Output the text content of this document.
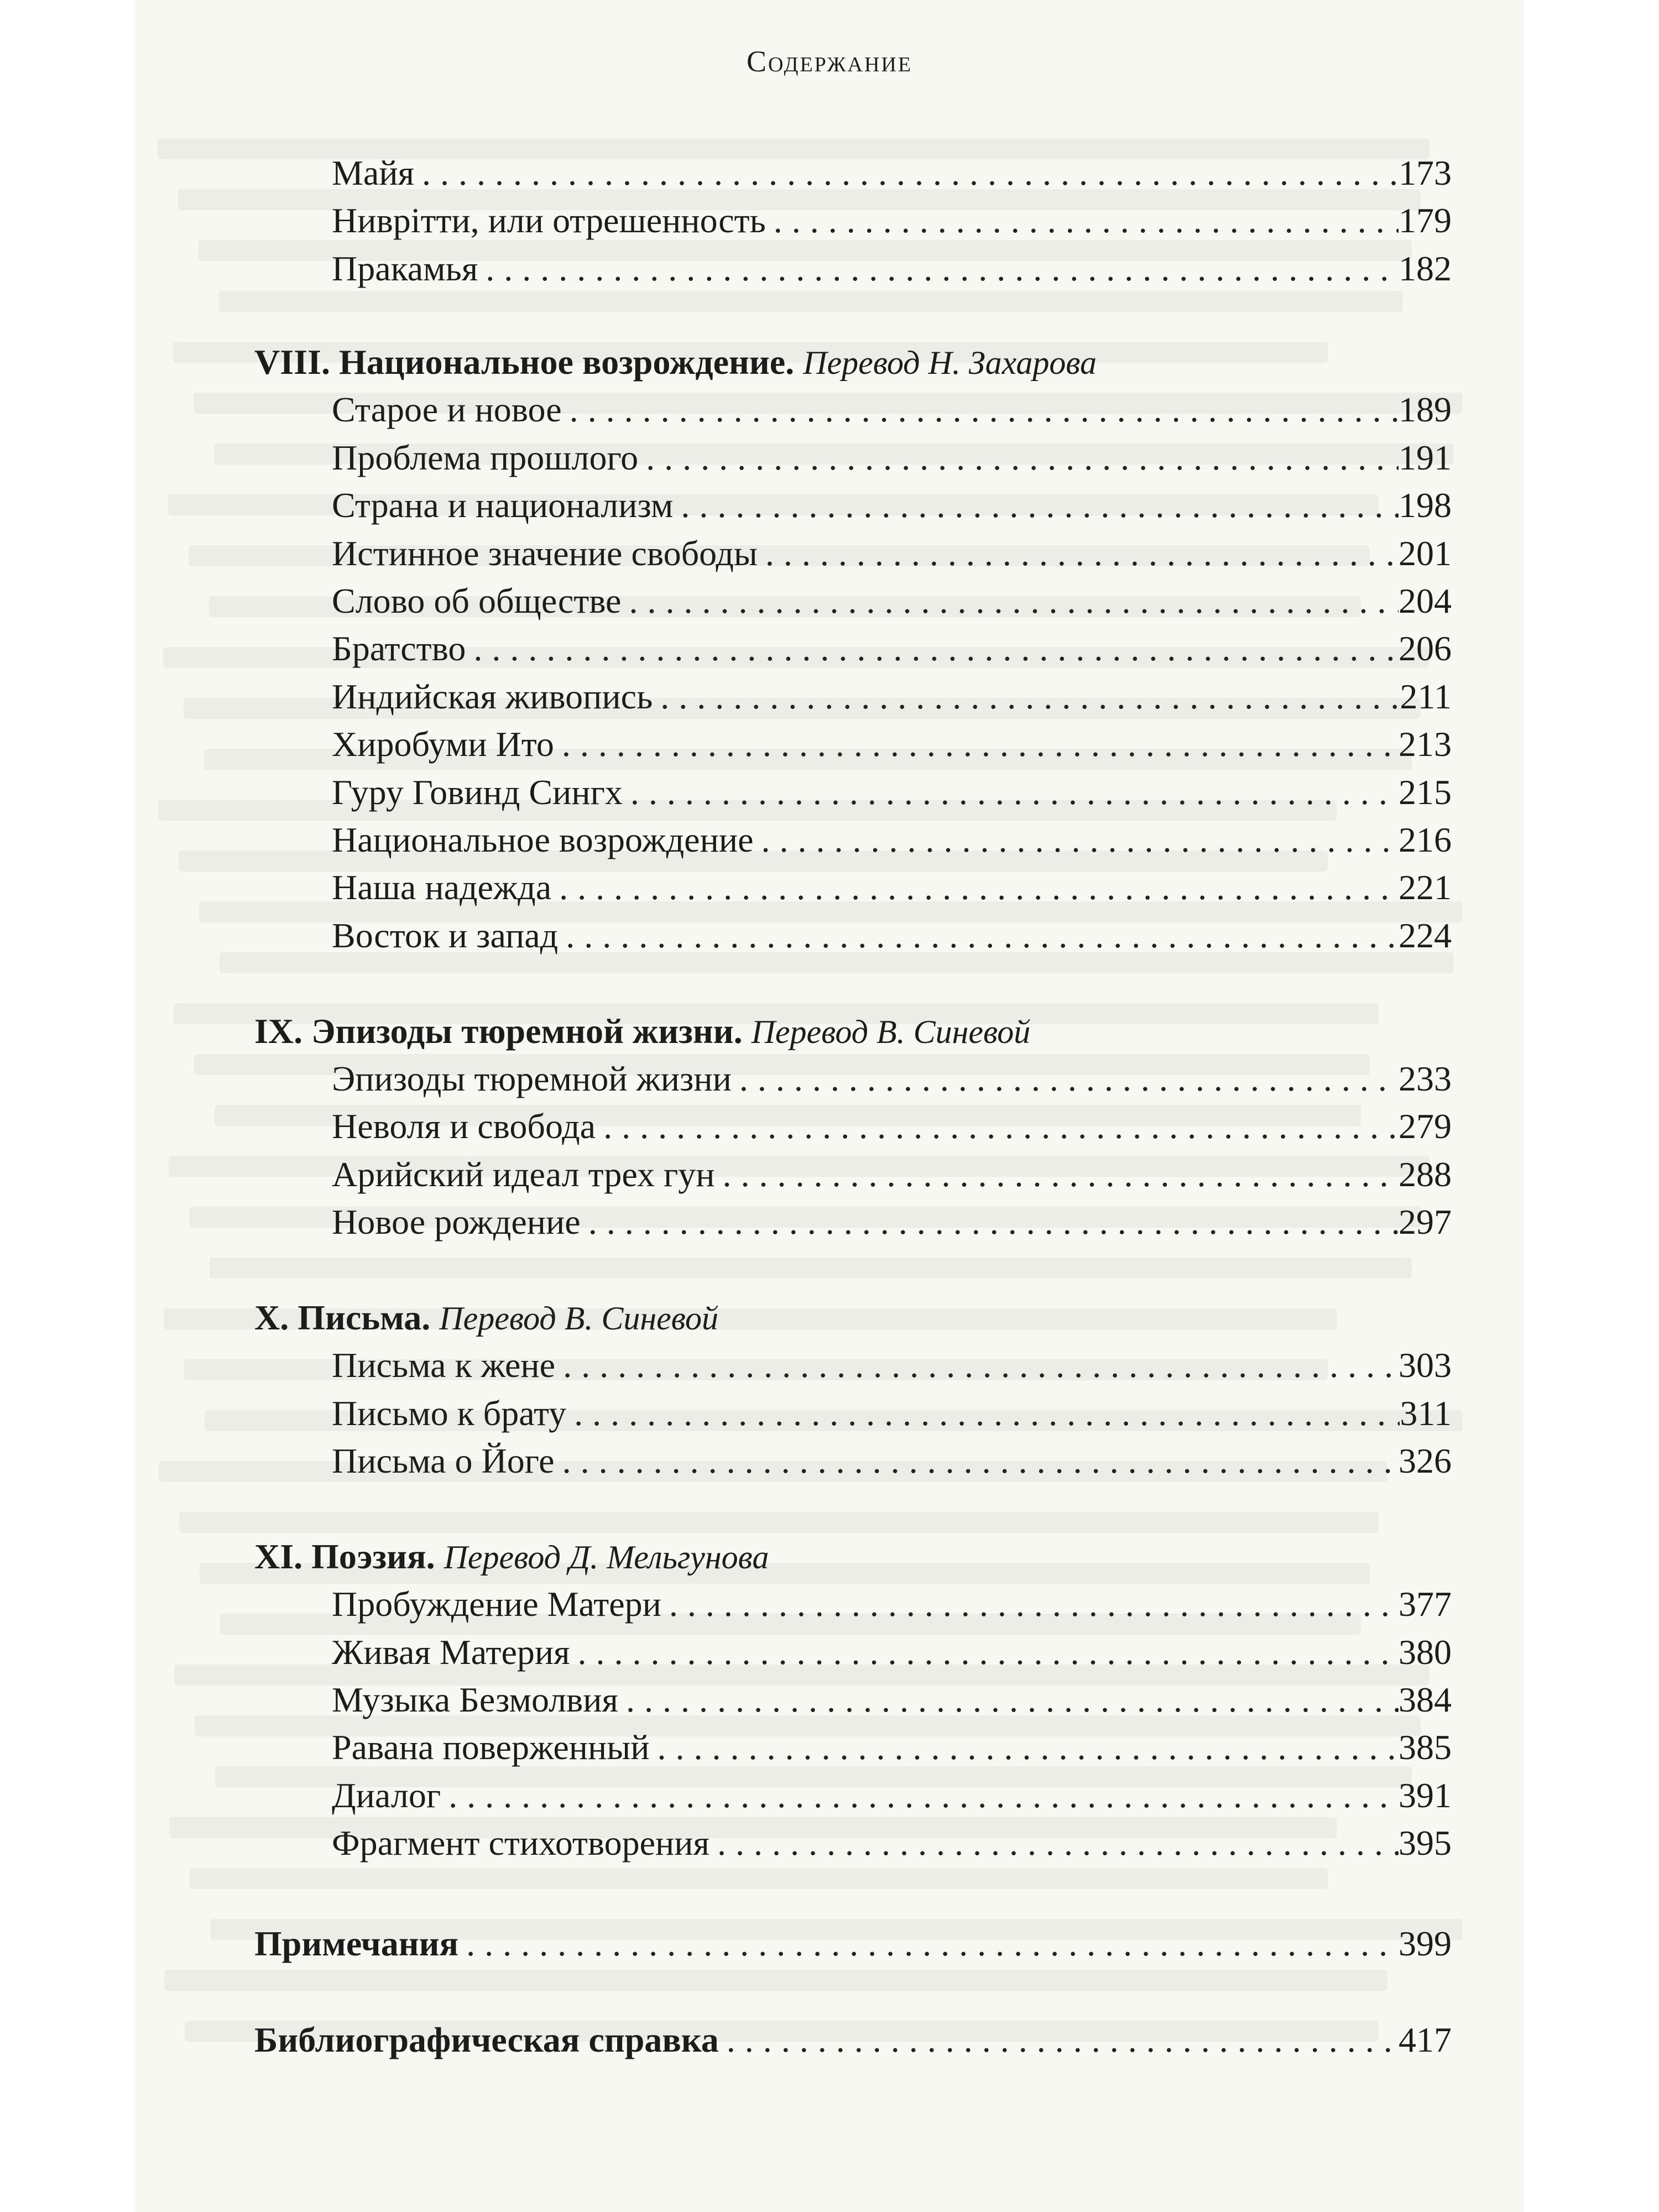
Содержание
Майя .....	173
Ниврітти, или отрешенность .....	179
Пракамья .....	182
VIII. Национальное возрождение. Перевод Н. Захарова
Старое и новое .....	189
Проблема прошлого .....	191
Страна и национализм .....	198
Истинное значение свободы .....	201
Слово об обществе .....	204
Братство .....	206
Индийская живопись .....	211
Хиробуми Ито .....	213
Гуру Говинд Сингх .....	215
Национальное возрождение .....	216
Наша надежда .....	221
Восток и запад .....	224
IX. Эпизоды тюремной жизни. Перевод В. Синевой
Эпизоды тюремной жизни .....	233
Неволя и свобода .....	279
Арийский идеал трех гун .....	288
Новое рождение .....	297
X. Письма. Перевод В. Синевой
Письма к жене .....	303
Письмо к брату .....	311
Письма о Йоге .....	326
XI. Поэзия. Перевод Д. Мельгунова
Пробуждение Матери .....	377
Живая Материя .....	380
Музыка Безмолвия .....	384
Равана поверженный .....	385
Диалог .....	391
Фрагмент стихотворения .....	395
Примечания .....	399
Библиографическая справка .....	417
